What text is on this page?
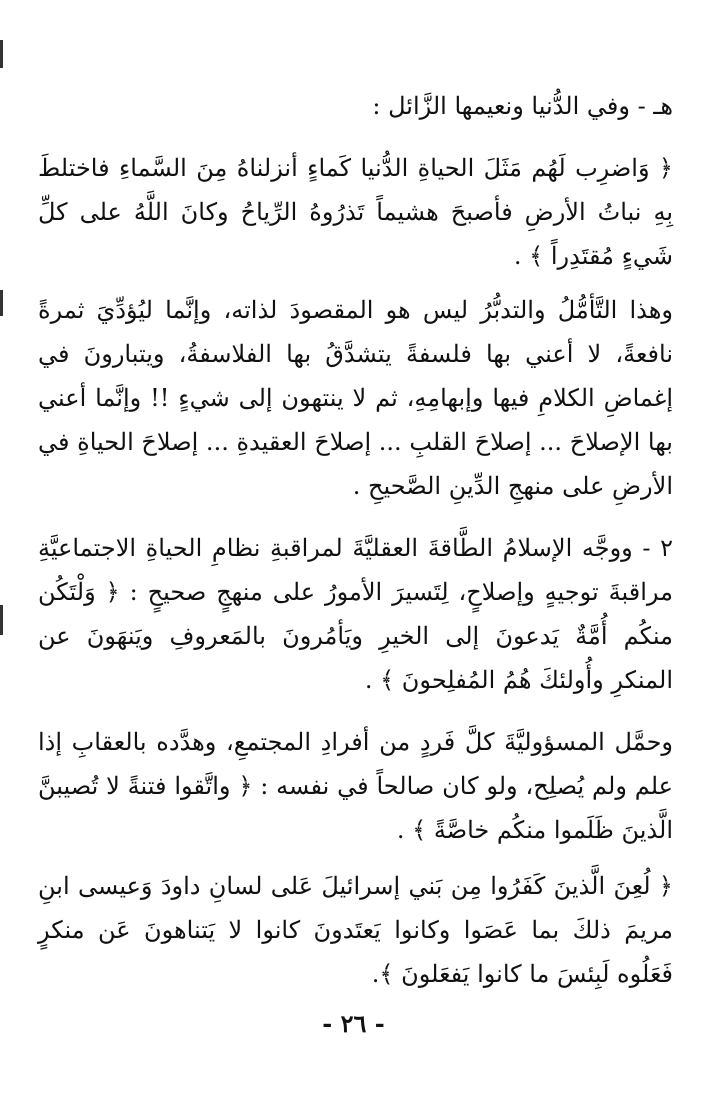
هـ - وفي الدُّنيا ونعيمها الزَّائل :

﴿ وَاضرِب لَهُم مَثَلَ الحياةِ الدُّنيا كَماءٍ أنزلناهُ مِنَ السَّماءِ فاختلطَ بِهِ نباتُ الأرضِ فأصبحَ هشيماً تَذرُوهُ الرِّياحُ وكانَ اللَّهُ على كلِّ شَيءٍ مُقتَدِراً ﴾ .

وهذا التَّأمُّلُ والتدبُّرُ ليس هو المقصودَ لذاته، وإنَّما ليُؤدِّيَ ثمرةً نافعةً، لا أعني بها فلسفةً يتشدَّقُ بها الفلاسفةُ، ويتبارونَ في إغماضِ الكلامِ فيها وإبهامِهِ، ثم لا ينتهون إلى شيءٍ !! وإنَّما أعني بها الإصلاحَ ... إصلاحَ القلبِ ... إصلاحَ العقيدةِ ... إصلاحَ الحياةِ في الأرضِ على منهجِ الدِّينِ الصَّحيحِ .

٢ - ووجَّه الإسلامُ الطَّاقةَ العقليَّةَ لمراقبةِ نظامِ الحياةِ الاجتماعيَّةِ مراقبةَ توجيهٍ وإصلاحٍ، لِتَسيرَ الأمورُ على منهجٍ صحيحٍ : ﴿ وَلْتَكُن منكُم أُمَّةٌ يَدعونَ إلى الخيرِ ويَأمُرونَ بالمَعروفِ ويَنهَونَ عن المنكرِ وأُولئكَ هُمُ المُفلِحونَ ﴾ .

وحمَّل المسؤوليَّةَ كلَّ فَردٍ من أفرادِ المجتمعِ، وهدَّده بالعقابِ إذا علم ولم يُصلِح، ولو كان صالحاً في نفسه : ﴿ واتَّقوا فتنةً لا تُصيبنَّ الَّذينَ ظَلَموا منكُم خاصَّةً ﴾ .

﴿ لُعِنَ الَّذينَ كَفَرُوا مِن بَني إسرائيلَ عَلى لسانِ داودَ وَعيسى ابنِ مريمَ ذلكَ بما عَصَوا وكانوا يَعتَدونَ كانوا لا يَتناهونَ عَن منكرٍ فَعَلُوه لَبِئسَ ما كانوا يَفعَلونَ ﴾.

- ٢٦ -
